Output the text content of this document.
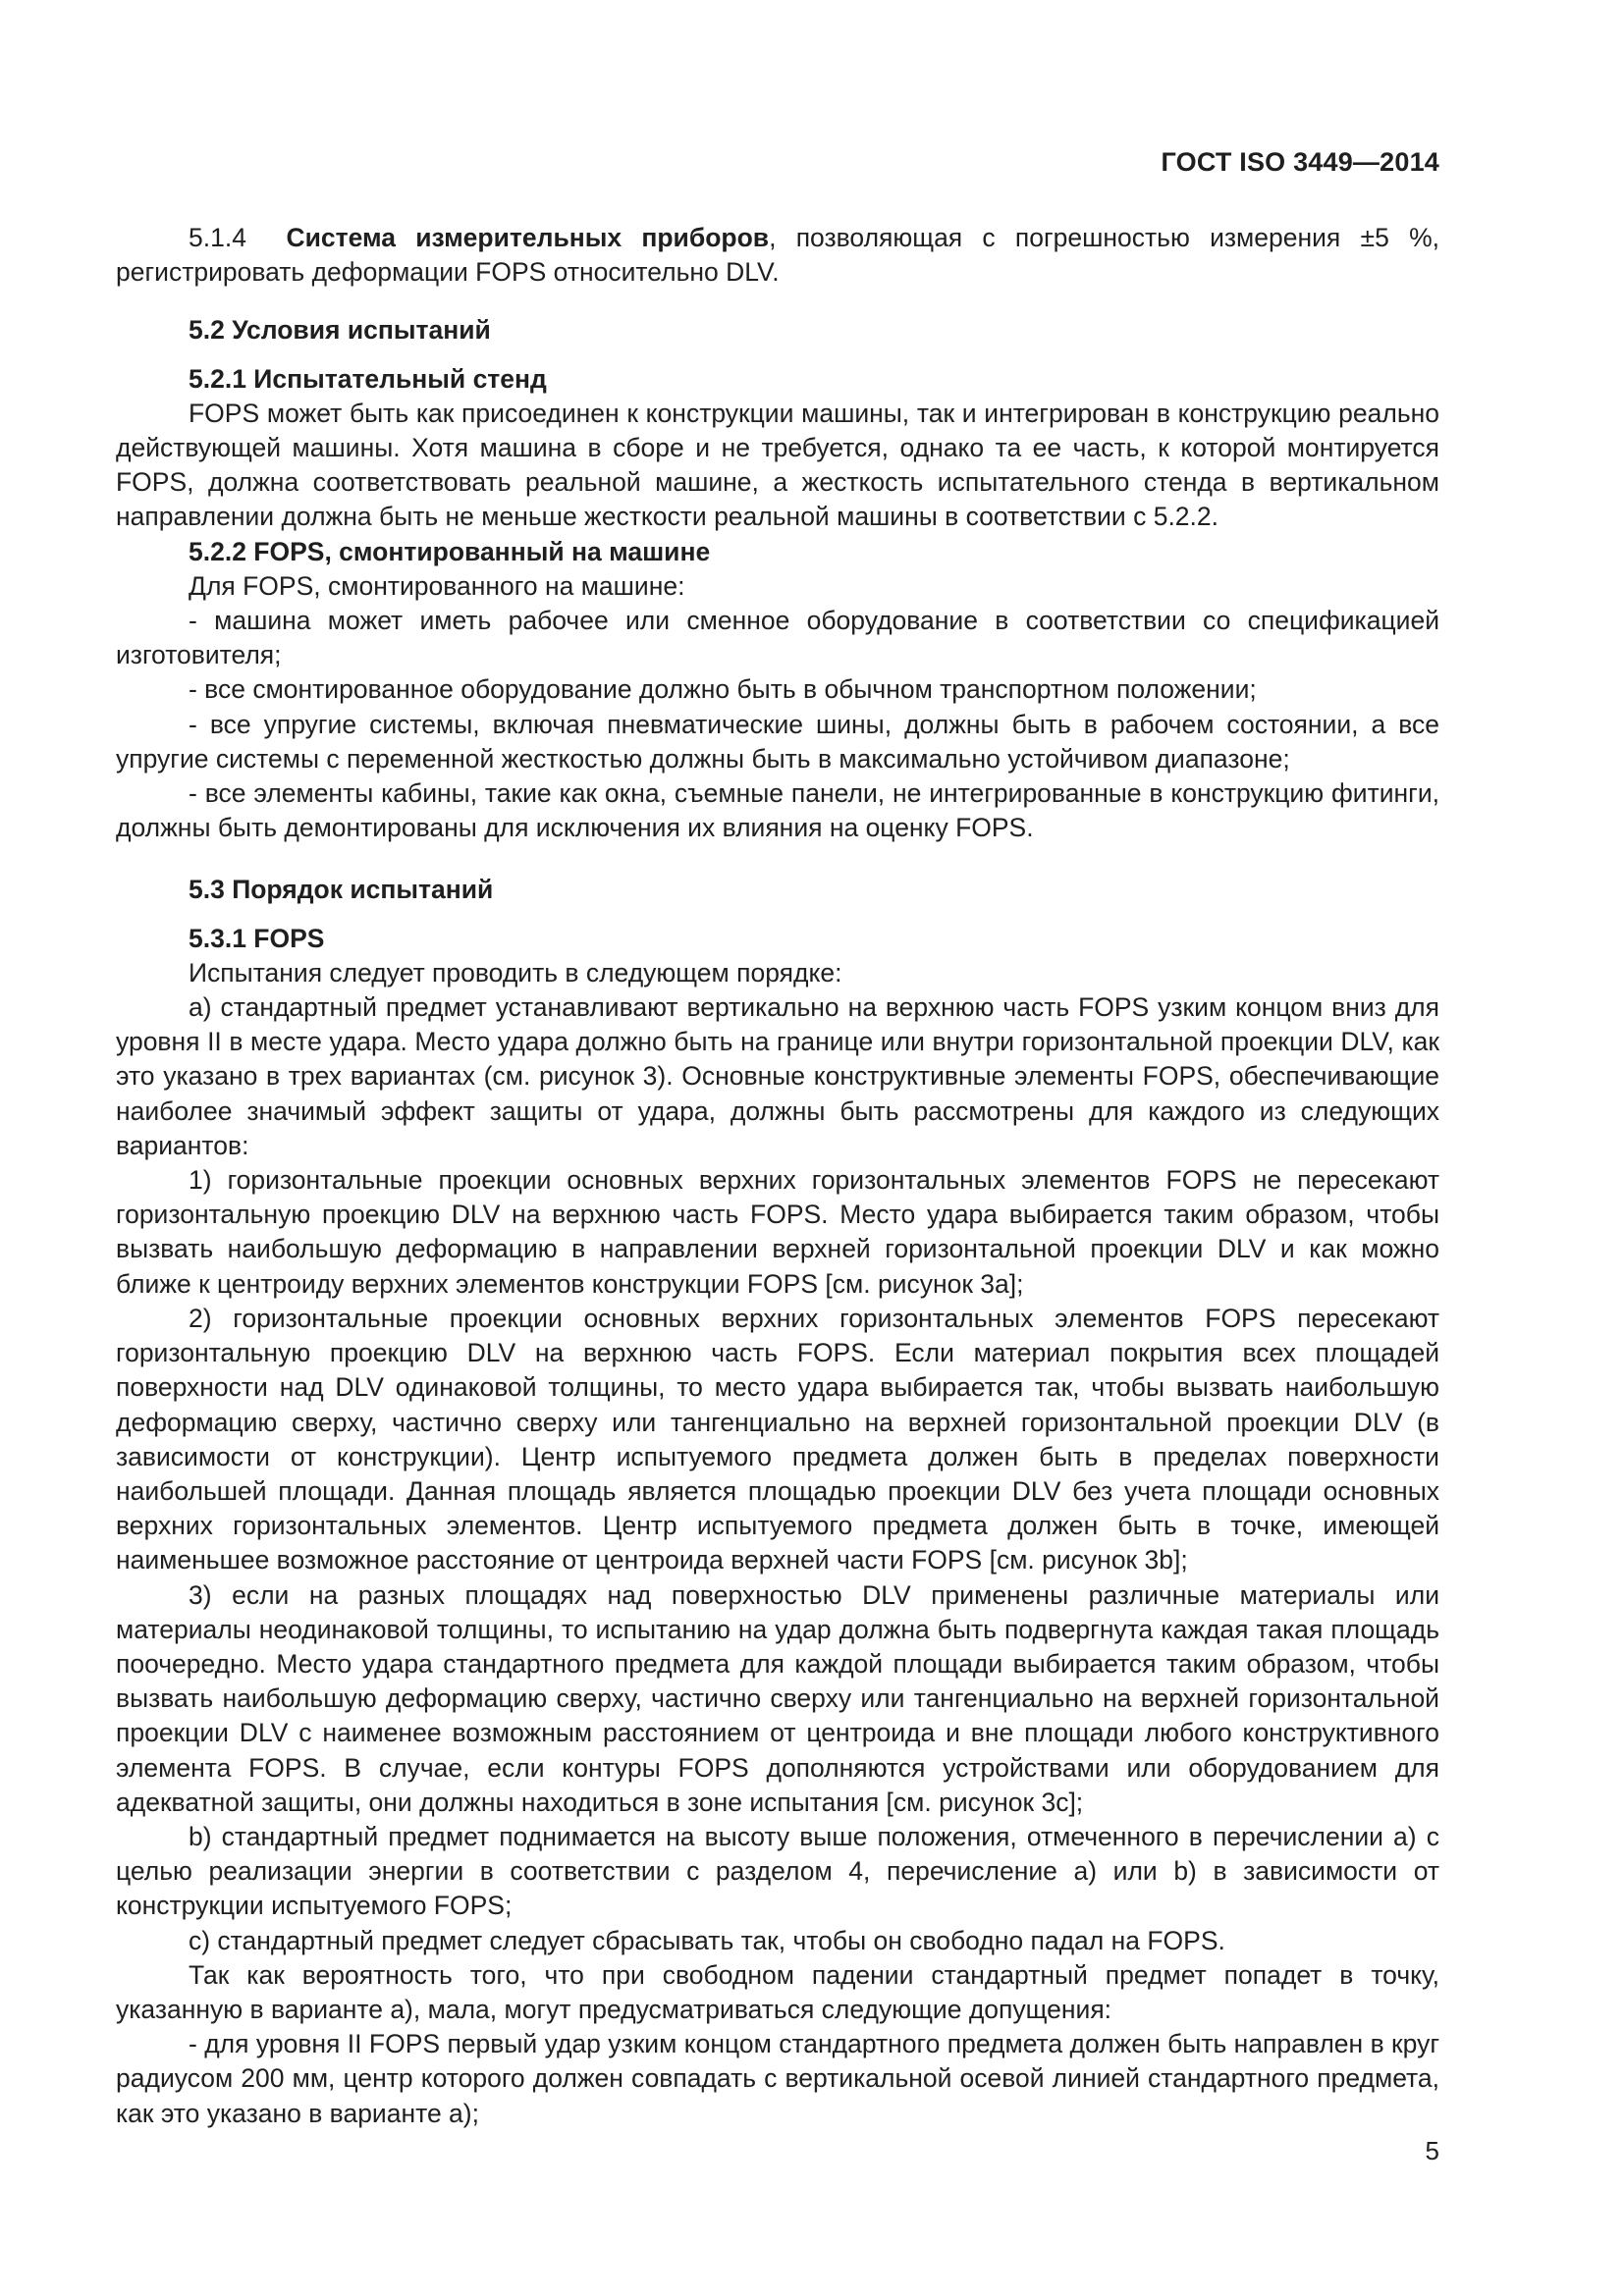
ГОСТ ISO 3449—2014

5.1.4 Система измерительных приборов, позволяющая с погрешностью измерения ±5 %, регистрировать деформации FOPS относительно DLV.

5.2 Условия испытаний
5.2.1 Испытательный стенд

FOPS может быть как присоединен к конструкции машины, так и интегрирован в конструкцию реально действующей машины. Хотя машина в сборе и не требуется, однако та ее часть, к которой монтируется FOPS, должна соответствовать реальной машине, а жесткость испытательного стенда в вертикальном направлении должна быть не меньше жесткости реальной машины в соответствии с 5.2.2.

5.2.2 FOPS, смонтированный на машине

Для FOPS, смонтированного на машине:

- машина может иметь рабочее или сменное оборудование в соответствии со спецификацией изготовителя;

- все смонтированное оборудование должно быть в обычном транспортном положении;

- все упругие системы, включая пневматические шины, должны быть в рабочем состоянии, а все упругие системы с переменной жесткостью должны быть в максимально устойчивом диапазоне;

- все элементы кабины, такие как окна, съемные панели, не интегрированные в конструкцию фитинги, должны быть демонтированы для исключения их влияния на оценку FOPS.

5.3 Порядок испытаний
5.3.1 FOPS

Испытания следует проводить в следующем порядке:

а) стандартный предмет устанавливают вертикально на верхнюю часть FOPS узким концом вниз для уровня II в месте удара. Место удара должно быть на границе или внутри горизонтальной проекции DLV, как это указано в трех вариантах (см. рисунок 3). Основные конструктивные элементы FOPS, обеспечивающие наиболее значимый эффект защиты от удара, должны быть рассмотрены для каждого из следующих вариантов:

1) горизонтальные проекции основных верхних горизонтальных элементов FOPS не пересекают горизонтальную проекцию DLV на верхнюю часть FOPS. Место удара выбирается таким образом, чтобы вызвать наибольшую деформацию в направлении верхней горизонтальной проекции DLV и как можно ближе к центроиду верхних элементов конструкции FOPS [см. рисунок 3a];

2) горизонтальные проекции основных верхних горизонтальных элементов FOPS пересекают горизонтальную проекцию DLV на верхнюю часть FOPS. Если материал покрытия всех площадей поверхности над DLV одинаковой толщины, то место удара выбирается так, чтобы вызвать наибольшую деформацию сверху, частично сверху или тангенциально на верхней горизонтальной проекции DLV (в зависимости от конструкции). Центр испытуемого предмета должен быть в пределах поверхности наибольшей площади. Данная площадь является площадью проекции DLV без учета площади основных верхних горизонтальных элементов. Центр испытуемого предмета должен быть в точке, имеющей наименьшее возможное расстояние от центроида верхней части FOPS [см. рисунок 3b];

3) если на разных площадях над поверхностью DLV применены различные материалы или материалы неодинаковой толщины, то испытанию на удар должна быть подвергнута каждая такая площадь поочередно. Место удара стандартного предмета для каждой площади выбирается таким образом, чтобы вызвать наибольшую деформацию сверху, частично сверху или тангенциально на верхней горизонтальной проекции DLV с наименее возможным расстоянием от центроида и вне площади любого конструктивного элемента FOPS. В случае, если контуры FOPS дополняются устройствами или оборудованием для адекватной защиты, они должны находиться в зоне испытания [см. рисунок 3c];

b) стандартный предмет поднимается на высоту выше положения, отмеченного в перечислении а) с целью реализации энергии в соответствии с разделом 4, перечисление а) или b) в зависимости от конструкции испытуемого FOPS;

с) стандартный предмет следует сбрасывать так, чтобы он свободно падал на FOPS.

Так как вероятность того, что при свободном падении стандартный предмет попадет в точку, указанную в варианте а), мала, могут предусматриваться следующие допущения:

- для уровня II FOPS первый удар узким концом стандартного предмета должен быть направлен в круг радиусом 200 мм, центр которого должен совпадать с вертикальной осевой линией стандартного предмета, как это указано в варианте а);

5
